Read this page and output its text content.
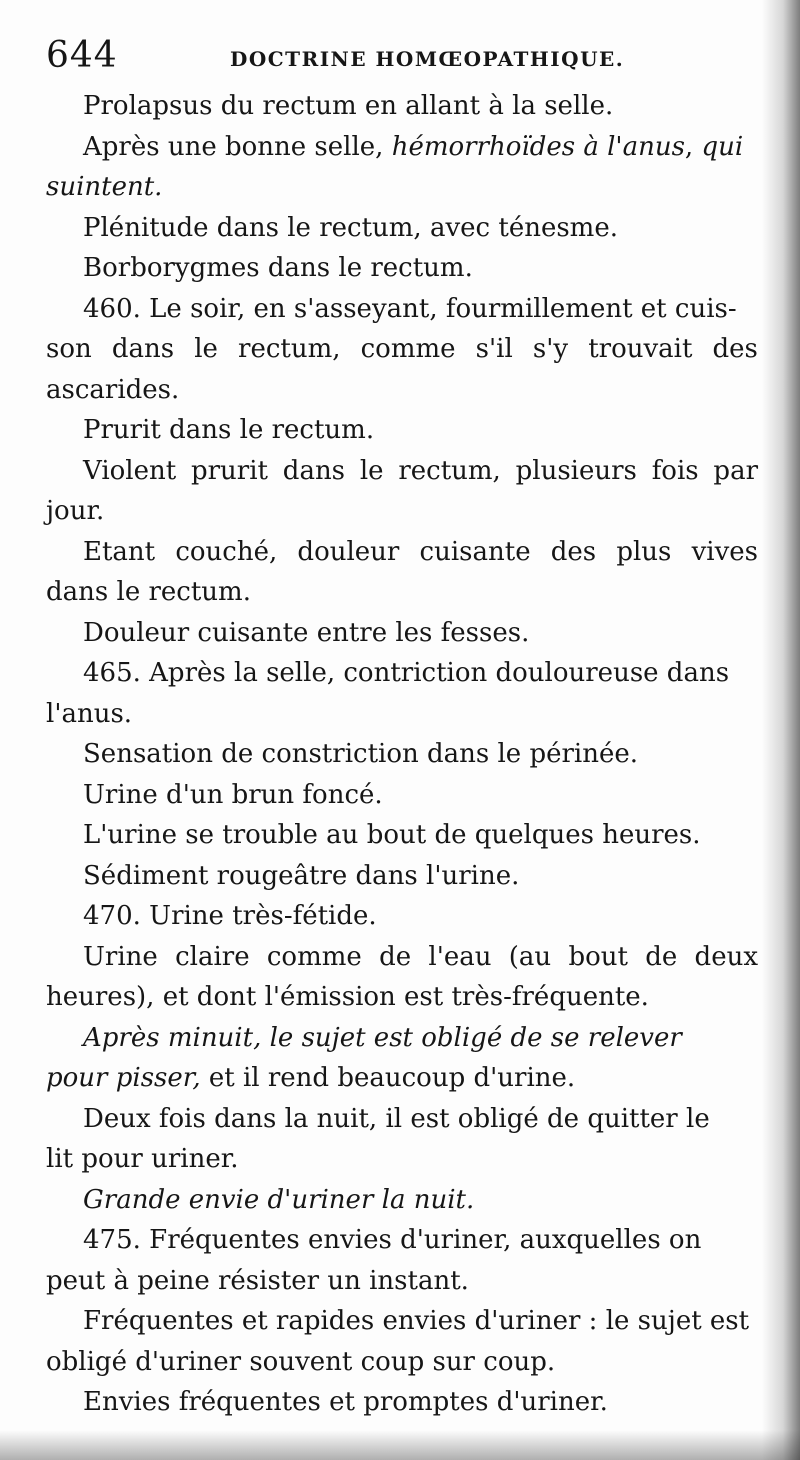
644	DOCTRINE HOMŒOPATHIQUE.
Prolapsus du rectum en allant à la selle.
Après une bonne selle, hémorrhoïdes à l'anus, qui
suintent.
Plénitude dans le rectum, avec ténesme.
Borborygmes dans le rectum.
460. Le soir, en s'asseyant, fourmillement et cuis-
son dans le rectum, comme s'il s'y trouvait des
ascarides.
Prurit dans le rectum.
Violent prurit dans le rectum, plusieurs fois par
jour.
Etant couché, douleur cuisante des plus vives
dans le rectum.
Douleur cuisante entre les fesses.
465. Après la selle, contriction douloureuse dans
l'anus.
Sensation de constriction dans le périnée.
Urine d'un brun foncé.
L'urine se trouble au bout de quelques heures.
Sédiment rougeâtre dans l'urine.
470. Urine très-fétide.
Urine claire comme de l'eau (au bout de deux
heures), et dont l'émission est très-fréquente.
Après minuit, le sujet est obligé de se relever
pour pisser, et il rend beaucoup d'urine.
Deux fois dans la nuit, il est obligé de quitter le
lit pour uriner.
Grande envie d'uriner la nuit.
475. Fréquentes envies d'uriner, auxquelles on
peut à peine résister un instant.
Fréquentes et rapides envies d'uriner : le sujet est
obligé d'uriner souvent coup sur coup.
Envies fréquentes et promptes d'uriner.
